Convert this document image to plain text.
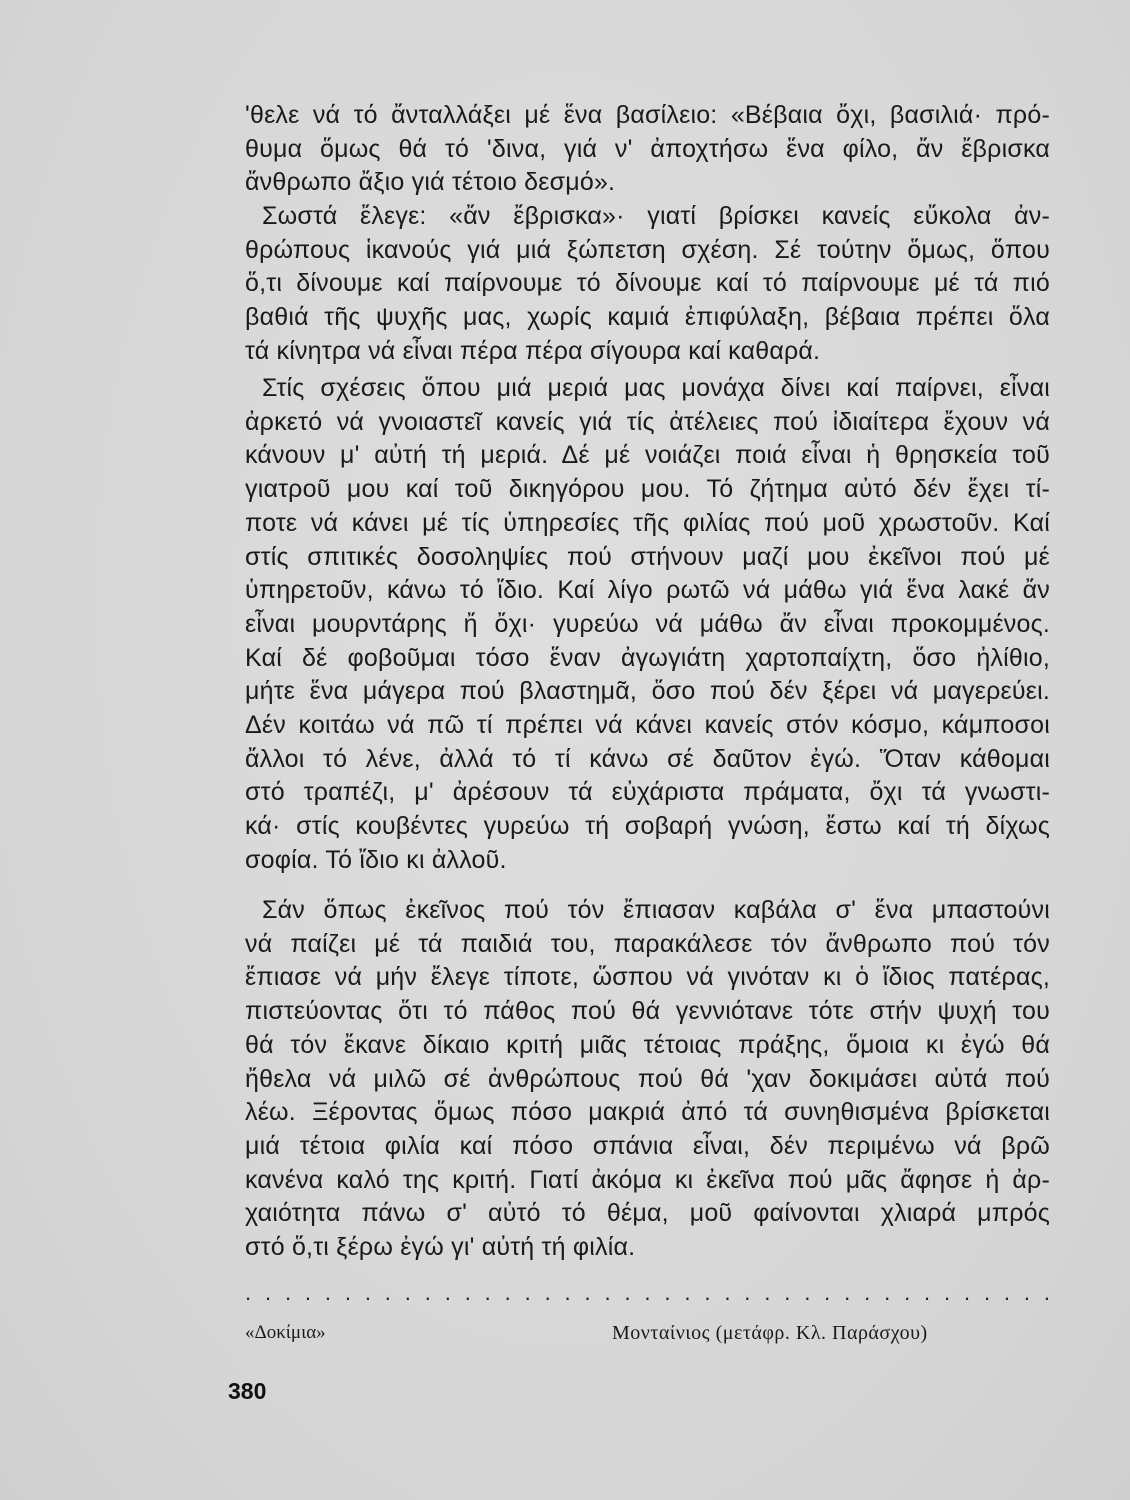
'θελε νά τό ἄνταλλάξει μέ ἕνα βασίλειο: «Βέβαια ὄχι, βασιλιά· πρό-
θυμα ὅμως θά τό 'δινα, γιά ν' ἀποχτήσω ἕνα φίλο, ἄν ἔβρισκα
ἄνθρωπο ἄξιο γιά τέτοιο δεσμό».
Σωστά ἔλεγε: «ἄν ἔβρισκα»· γιατί βρίσκει κανείς εὔκολα ἀν-
θρώπους ἱκανούς γιά μιά ξώπετση σχέση. Σέ τούτην ὅμως, ὅπου
ὅ,τι δίνουμε καί παίρνουμε τό δίνουμε καί τό παίρνουμε μέ τά πιό
βαθιά τῆς ψυχῆς μας, χωρίς καμιά ἐπιφύλαξη, βέβαια πρέπει ὅλα
τά κίνητρα νά εἶναι πέρα πέρα σίγουρα καί καθαρά.
Στίς σχέσεις ὅπου μιά μεριά μας μονάχα δίνει καί παίρνει, εἶναι
ἀρκετό νά γνοιαστεῖ κανείς γιά τίς ἀτέλειες πού ἰδιαίτερα ἔχουν νά
κάνουν μ' αὐτή τή μεριά. Δέ μέ νοιάζει ποιά εἶναι ἡ θρησκεία τοῦ
γιατροῦ μου καί τοῦ δικηγόρου μου. Τό ζήτημα αὐτό δέν ἔχει τί-
ποτε νά κάνει μέ τίς ὑπηρεσίες τῆς φιλίας πού μοῦ χρωστοῦν. Καί
στίς σπιτικές δοσοληψίες πού στήνουν μαζί μου ἐκεῖνοι πού μέ
ὑπηρετοῦν, κάνω τό ἴδιο. Καί λίγο ρωτῶ νά μάθω γιά ἕνα λακέ ἄν
εἶναι μουρντάρης ἤ ὄχι· γυρεύω νά μάθω ἄν εἶναι προκομμένος.
Καί δέ φοβοῦμαι τόσο ἕναν ἀγωγιάτη χαρτοπαίχτη, ὅσο ἠλίθιο,
μήτε ἕνα μάγερα πού βλαστημᾶ, ὅσο πού δέν ξέρει νά μαγερεύει.
Δέν κοιτάω νά πῶ τί πρέπει νά κάνει κανείς στόν κόσμο, κάμποσοι
ἄλλοι τό λένε, ἀλλά τό τί κάνω σέ δαῦτον ἐγώ. Ὅταν κάθομαι
στό τραπέζι, μ' ἀρέσουν τά εὐχάριστα πράματα, ὄχι τά γνωστι-
κά· στίς κουβέντες γυρεύω τή σοβαρή γνώση, ἔστω καί τή δίχως
σοφία. Τό ἴδιο κι ἀλλοῦ.
Σάν ὅπως ἐκεῖνος πού τόν ἔπιασαν καβάλα σ' ἕνα μπαστούνι
νά παίζει μέ τά παιδιά του, παρακάλεσε τόν ἄνθρωπο πού τόν
ἔπιασε νά μήν ἔλεγε τίποτε, ὥσπου νά γινόταν κι ὁ ἴδιος πατέρας,
πιστεύοντας ὅτι τό πάθος πού θά γεννιότανε τότε στήν ψυχή του
θά τόν ἔκανε δίκαιο κριτή μιᾶς τέτοιας πράξης, ὅμοια κι ἐγώ θά
ἤθελα νά μιλῶ σέ ἀνθρώπους πού θά 'χαν δοκιμάσει αὐτά πού
λέω. Ξέροντας ὅμως πόσο μακριά ἀπό τά συνηθισμένα βρίσκεται
μιά τέτοια φιλία καί πόσο σπάνια εἶναι, δέν περιμένω νά βρῶ
κανένα καλό της κριτή. Γιατί ἀκόμα κι ἐκεῖνα πού μᾶς ἄφησε ἡ ἀρ-
χαιότητα πάνω σ' αὐτό τό θέμα, μοῦ φαίνονται χλιαρά μπρός
στό ὅ,τι ξέρω ἐγώ γι' αὐτή τή φιλία.
. . . . . . . . . . . . . . . . . . . . . . . . . . . . . . . . . . . . . . . . .
«Δοκίμια»	Μονταίνιος (μετάφρ. Κλ. Παράσχου)
380
